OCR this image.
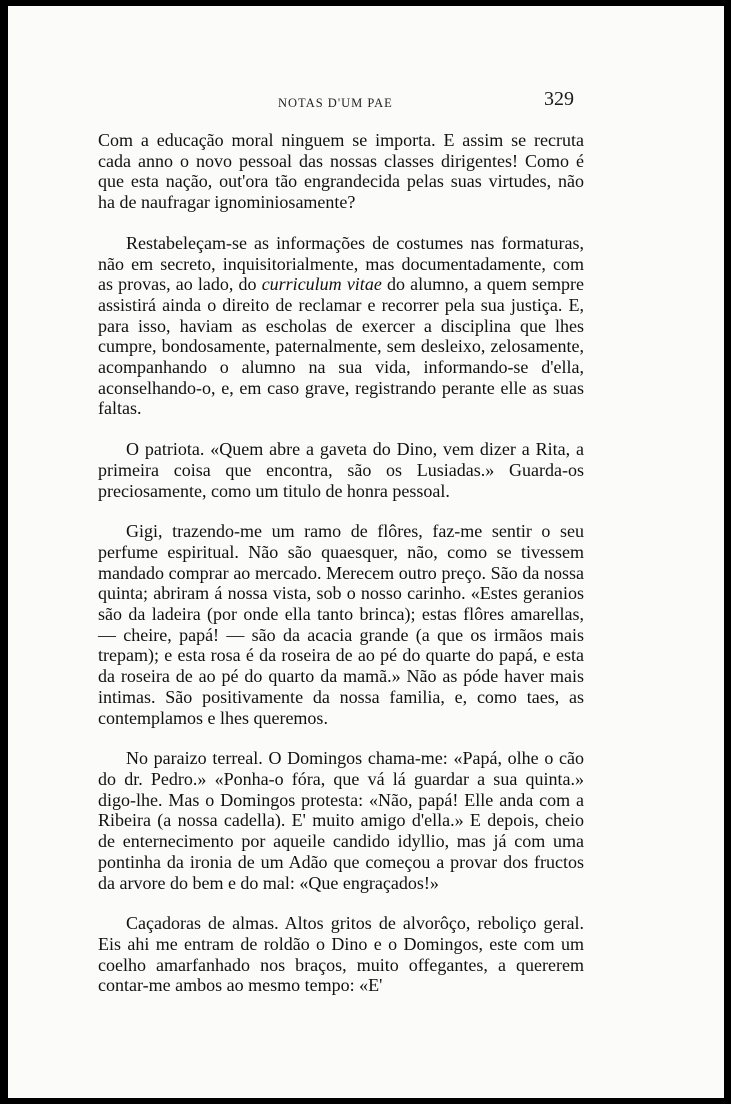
NOTAS D'UM PAE	329

Com a educação moral ninguem se importa. E assim se recruta cada anno o novo pessoal das nossas classes dirigentes! Como é que esta nação, out'ora tão engrandecida pelas suas virtudes, não ha de naufragar ignominiosamente?

Restabeleçam-se as informações de costumes nas formaturas, não em secreto, inquisitorialmente, mas documentadamente, com as provas, ao lado, do curriculum vitae do alumno, a quem sempre assistirá ainda o direito de reclamar e recorrer pela sua justiça. E, para isso, haviam as escholas de exercer a disciplina que lhes cumpre, bondosamente, paternalmente, sem desleixo, zelosamente, acompanhando o alumno na sua vida, informando-se d'ella, aconselhando-o, e, em caso grave, registrando perante elle as suas faltas.

O patriota. «Quem abre a gaveta do Dino, vem dizer a Rita, a primeira coisa que encontra, são os Lusiadas.» Guarda-os preciosamente, como um titulo de honra pessoal.

Gigi, trazendo-me um ramo de flôres, faz-me sentir o seu perfume espiritual. Não são quaesquer, não, como se tivessem mandado comprar ao mercado. Merecem outro preço. São da nossa quinta; abriram á nossa vista, sob o nosso carinho. «Estes geranios são da ladeira (por onde ella tanto brinca); estas flôres amarellas, — cheire, papá! — são da acacia grande (a que os irmãos mais trepam); e esta rosa é da roseira de ao pé do quarte do papá, e esta da roseira de ao pé do quarto da mamã.» Não as póde haver mais intimas. São positivamente da nossa familia, e, como taes, as contemplamos e lhes queremos.

No paraizo terreal. O Domingos chama-me: «Papá, olhe o cão do dr. Pedro.» «Ponha-o fóra, que vá lá guardar a sua quinta.» digo-lhe. Mas o Domingos protesta: «Não, papá! Elle anda com a Ribeira (a nossa cadella). E' muito amigo d'ella.» E depois, cheio de enternecimento por aqueile candido idyllio, mas já com uma pontinha da ironia de um Adão que começou a provar dos fructos da arvore do bem e do mal: «Que engraçados!»

Caçadoras de almas. Altos gritos de alvorôço, reboliço geral. Eis ahi me entram de roldão o Dino e o Domingos, este com um coelho amarfanhado nos braços, muito offegantes, a quererem contar-me ambos ao mesmo tempo: «E'
